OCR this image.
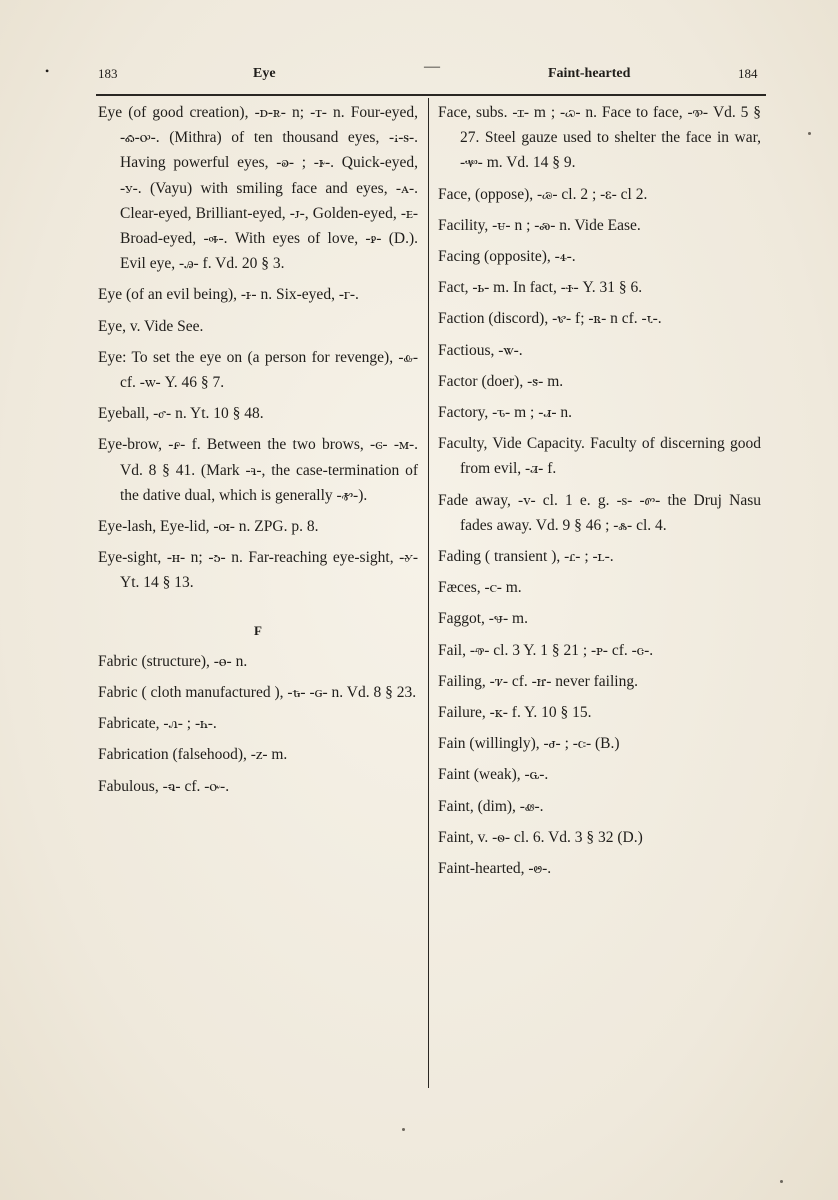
•	183	Eye	—	Faint-hearted	184
Eye (of good creation), ‑ꭰ‑ꭱ‑ n; ‑ꭲ‑ n. Four-eyed, ‑ꭳ‑ꭴ‑. (Mithra) of ten thousand eyes, ‑ꭵ‑ꭶ‑. Having powerful eyes, ‑ꭷ‑ ; ‑ꭸ‑. Quick-eyed, ‑ꭹ‑. (Vayu) with smiling face and eyes, ‑ꭺ‑. Clear-eyed, Brilliant-eyed, ‑ꭻ‑, Golden-eyed, ‑ꭼ‑ Broad-eyed, ‑ꭽ‑. With eyes of love, ‑ꭾ‑ (D.). Evil eye, ‑ꭿ‑ f. Vd. 20 § 3.
Eye (of an evil being), ‑ꮀ‑ n. Six-eyed, ‑ꮁ‑.
Eye, v. Vide See.
Eye: To set the eye on (a person for revenge), ‑ꮂ‑ cf. ‑ꮃ‑ Y. 46 § 7.
Eyeball, ‑ꮄ‑ n. Yt. 10 § 48.
Eye-brow, ‑ꮅ‑ f. Between the two brows, ‑ꮆ‑ ‑ꮇ‑. Vd. 8 § 41. (Mark ‑ꮈ‑, the case-termination of the dative dual, which is generally ‑ꮉ‑).
Eye-lash, Eye-lid, ‑ꮊ‑ n. ZPG. p. 8.
Eye-sight, ‑ꮋ‑ n; ‑ꮌ‑ n. Far-reaching eye-sight, ‑ꮍ‑ Yt. 14 § 13.
F
Fabric (structure), ‑ꮎ‑ n.
Fabric ( cloth manufactured ), ‑ꮏ‑ ‑ꮐ‑ n. Vd. 8 § 23.
Fabricate, ‑ꮑ‑ ; ‑ꮒ‑.
Fabrication (falsehood), ‑ꮓ‑ m.
Fabulous, ‑ꮔ‑ cf. ‑ꮕ‑.
Face, subs. ‑ꮖ‑ m ; ‑ꮗ‑ n. Face to face, ‑ꮘ‑ Vd. 5 § 27. Steel gauze used to shelter the face in war, ‑ꮙ‑ m. Vd. 14 § 9.
Face, (oppose), ‑ꮚ‑ cl. 2 ; ‑ꮛ‑ cl 2.
Facility, ‑ꮜ‑ n ; ‑ꮝ‑ n. Vide Ease.
Facing (opposite), ‑ꮞ‑.
Fact, ‑ꮟ‑ m. In fact, ‑ꮠ‑ Y. 31 § 6.
Faction (discord), ‑ꮡ‑ f; ‑ꮢ‑ n cf. ‑ꮣ‑.
Factious, ‑ꮤ‑.
Factor (doer), ‑ꮥ‑ m.
Factory, ‑ꮦ‑ m ; ‑ꮧ‑ n.
Faculty, Vide Capacity. Faculty of discerning good from evil, ‑ꮨ‑ f.
Fade away, ‑ꮩ‑ cl. 1 e. g. ‑ꮪ‑ ‑ꮫ‑ the Druj Nasu fades away. Vd. 9 § 46 ; ‑ꮬ‑ cl. 4.
Fading ( transient ), ‑ꮭ‑ ; ‑ꮮ‑.
Fæces, ‑ꮯ‑ m.
Faggot, ‑ꮰ‑ m.
Fail, ‑ꮱ‑ cl. 3 Y. 1 § 21 ; ‑ꮲ‑ cf. ‑ꮳ‑.
Failing, ‑ꮴ‑ cf. ‑ꮵ‑ never failing.
Failure, ‑ꮶ‑ f. Y. 10 § 15.
Fain (willingly), ‑ꮷ‑ ; ‑ꮸ‑ (B.)
Faint (weak), ‑ꮹ‑.
Faint, (dim), ‑ꮺ‑.
Faint, v. ‑ꮻ‑ cl. 6. Vd. 3 § 32 (D.)
Faint-hearted, ‑ꮼ‑.
